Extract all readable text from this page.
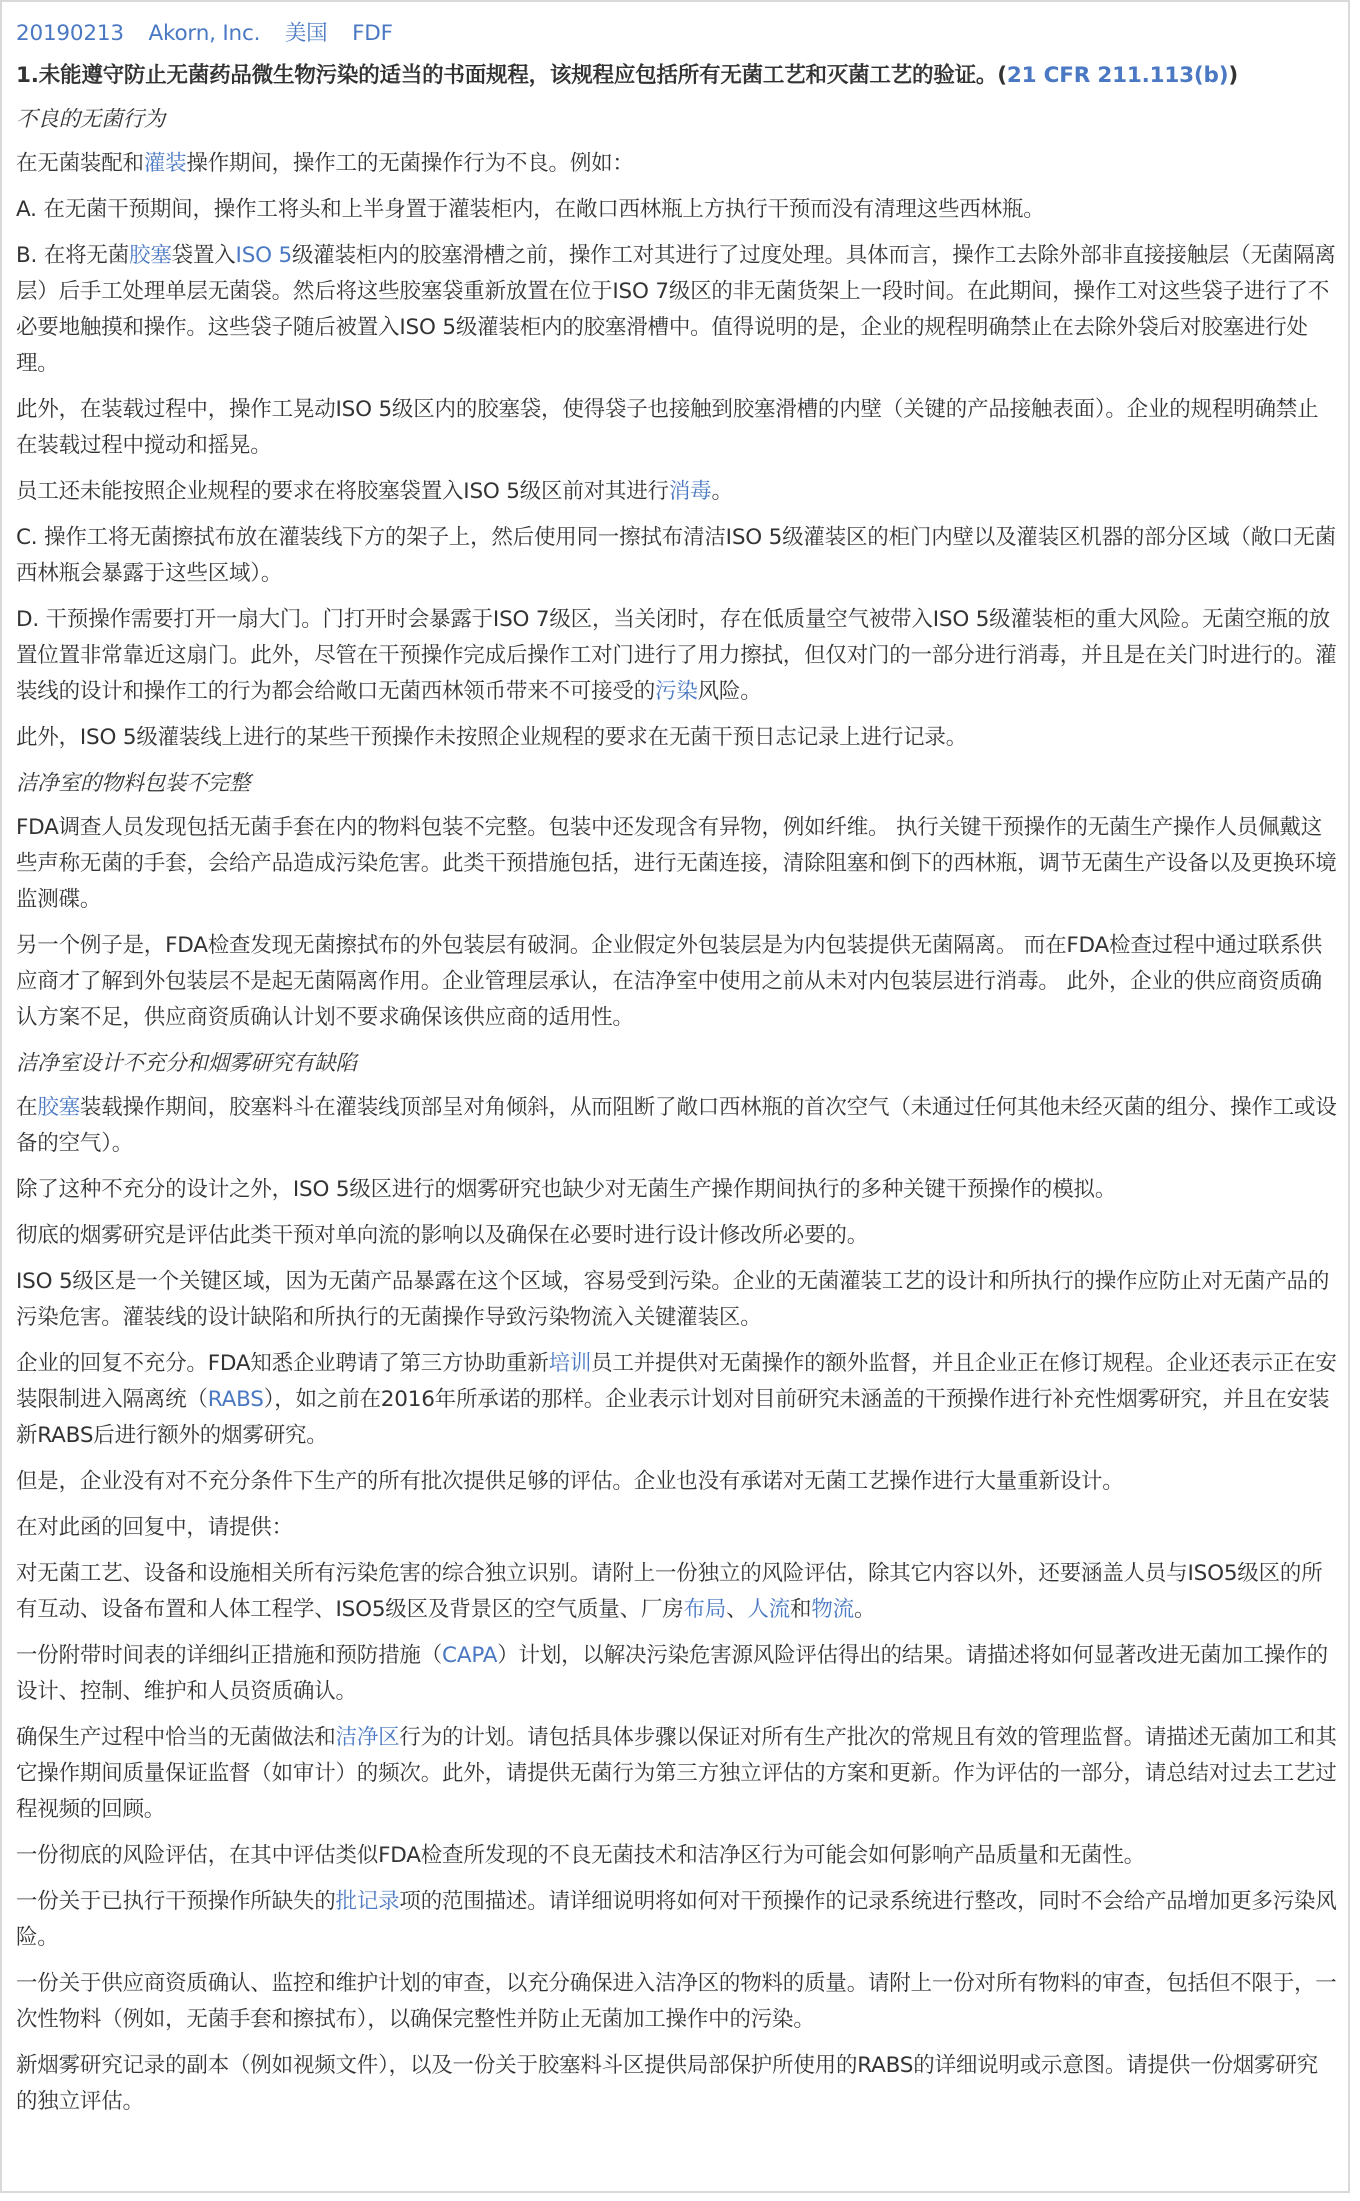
20190213 Akorn, Inc. 美国 FDF

1.未能遵守防止无菌药品微生物污染的适当的书面规程，该规程应包括所有无菌工艺和灭菌工艺的验证。(21 CFR 211.113(b))

不良的无菌行为

在无菌装配和灌装操作期间，操作工的无菌操作行为不良。例如：

A. 在无菌干预期间，操作工将头和上半身置于灌装柜内，在敞口西林瓶上方执行干预而没有清理这些西林瓶。

B. 在将无菌胶塞袋置入ISO 5级灌装柜内的胶塞滑槽之前，操作工对其进行了过度处理。具体而言，操作工去除外部非直接接触层（无菌隔离层）后手工处理单层无菌袋。然后将这些胶塞袋重新放置在位于ISO 7级区的非无菌货架上一段时间。在此期间，操作工对这些袋子进行了不必要地触摸和操作。这些袋子随后被置入ISO 5级灌装柜内的胶塞滑槽中。值得说明的是，企业的规程明确禁止在去除外袋后对胶塞进行处理。

此外，在装载过程中，操作工晃动ISO 5级区内的胶塞袋，使得袋子也接触到胶塞滑槽的内壁（关键的产品接触表面）。企业的规程明确禁止在装载过程中搅动和摇晃。

员工还未能按照企业规程的要求在将胶塞袋置入ISO 5级区前对其进行消毒。

C. 操作工将无菌擦拭布放在灌装线下方的架子上，然后使用同一擦拭布清洁ISO 5级灌装区的柜门内壁以及灌装区机器的部分区域（敞口无菌西林瓶会暴露于这些区域）。

D. 干预操作需要打开一扇大门。门打开时会暴露于ISO 7级区，当关闭时，存在低质量空气被带入ISO 5级灌装柜的重大风险。无菌空瓶的放置位置非常靠近这扇门。此外，尽管在干预操作完成后操作工对门进行了用力擦拭，但仅对门的一部分进行消毒，并且是在关门时进行的。灌装线的设计和操作工的行为都会给敞口无菌西林领币带来不可接受的污染风险。

此外，ISO 5级灌装线上进行的某些干预操作未按照企业规程的要求在无菌干预日志记录上进行记录。

洁净室的物料包装不完整

FDA调查人员发现包括无菌手套在内的物料包装不完整。包装中还发现含有异物，例如纤维。 执行关键干预操作的无菌生产操作人员佩戴这些声称无菌的手套，会给产品造成污染危害。此类干预措施包括，进行无菌连接，清除阻塞和倒下的西林瓶，调节无菌生产设备以及更换环境监测碟。

另一个例子是，FDA检查发现无菌擦拭布的外包装层有破洞。企业假定外包装层是为内包装提供无菌隔离。 而在FDA检查过程中通过联系供应商才了解到外包装层不是起无菌隔离作用。企业管理层承认，在洁净室中使用之前从未对内包装层进行消毒。 此外，企业的供应商资质确认方案不足，供应商资质确认计划不要求确保该供应商的适用性。

洁净室设计不充分和烟雾研究有缺陷

在胶塞装载操作期间，胶塞料斗在灌装线顶部呈对角倾斜，从而阻断了敞口西林瓶的首次空气（未通过任何其他未经灭菌的组分、操作工或设备的空气）。

除了这种不充分的设计之外，ISO 5级区进行的烟雾研究也缺少对无菌生产操作期间执行的多种关键干预操作的模拟。

彻底的烟雾研究是评估此类干预对单向流的影响以及确保在必要时进行设计修改所必要的。

ISO 5级区是一个关键区域，因为无菌产品暴露在这个区域，容易受到污染。企业的无菌灌装工艺的设计和所执行的操作应防止对无菌产品的污染危害。灌装线的设计缺陷和所执行的无菌操作导致污染物流入关键灌装区。

企业的回复不充分。FDA知悉企业聘请了第三方协助重新培训员工并提供对无菌操作的额外监督，并且企业正在修订规程。企业还表示正在安装限制进入隔离统（RABS），如之前在2016年所承诺的那样。企业表示计划对目前研究未涵盖的干预操作进行补充性烟雾研究，并且在安装新RABS后进行额外的烟雾研究。

但是，企业没有对不充分条件下生产的所有批次提供足够的评估。企业也没有承诺对无菌工艺操作进行大量重新设计。

在对此函的回复中，请提供：

对无菌工艺、设备和设施相关所有污染危害的综合独立识别。请附上一份独立的风险评估，除其它内容以外，还要涵盖人员与ISO5级区的所有互动、设备布置和人体工程学、ISO5级区及背景区的空气质量、厂房布局、人流和物流。

一份附带时间表的详细纠正措施和预防措施（CAPA）计划，以解决污染危害源风险评估得出的结果。请描述将如何显著改进无菌加工操作的设计、控制、维护和人员资质确认。

确保生产过程中恰当的无菌做法和洁净区行为的计划。请包括具体步骤以保证对所有生产批次的常规且有效的管理监督。请描述无菌加工和其它操作期间质量保证监督（如审计）的频次。此外，请提供无菌行为第三方独立评估的方案和更新。作为评估的一部分，请总结对过去工艺过程视频的回顾。

一份彻底的风险评估，在其中评估类似FDA检查所发现的不良无菌技术和洁净区行为可能会如何影响产品质量和无菌性。

一份关于已执行干预操作所缺失的批记录项的范围描述。请详细说明将如何对干预操作的记录系统进行整改，同时不会给产品增加更多污染风险。

一份关于供应商资质确认、监控和维护计划的审查，以充分确保进入洁净区的物料的质量。请附上一份对所有物料的审查，包括但不限于，一次性物料（例如，无菌手套和擦拭布），以确保完整性并防止无菌加工操作中的污染。

新烟雾研究记录的副本（例如视频文件），以及一份关于胶塞料斗区提供局部保护所使用的RABS的详细说明或示意图。请提供一份烟雾研究的独立评估。
